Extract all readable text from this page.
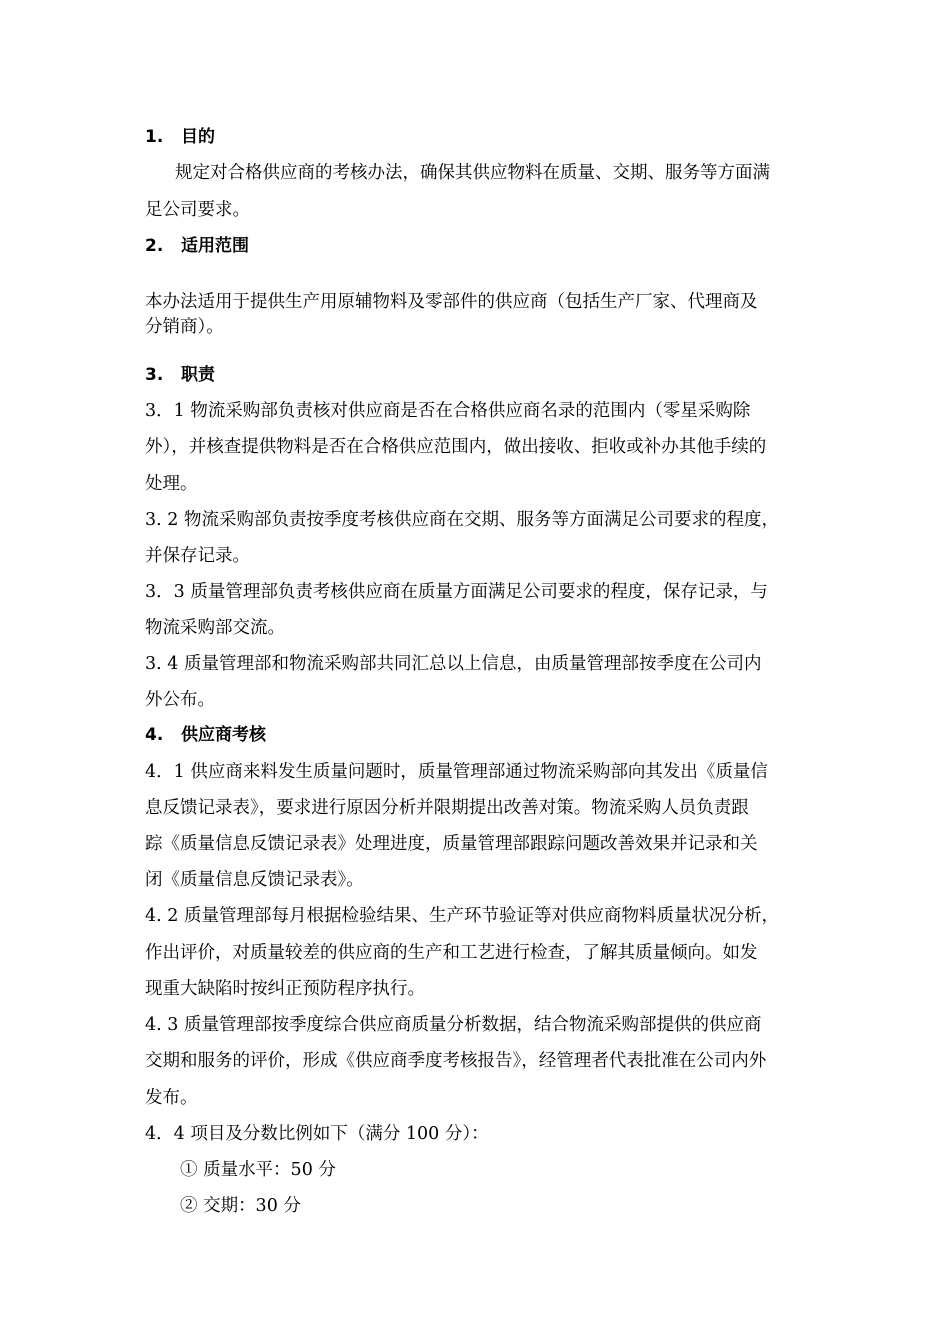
1. 目的
规定对合格供应商的考核办法，确保其供应物料在质量、交期、服务等方面满
足公司要求。
2. 适用范围
本办法适用于提供生产用原辅物料及零部件的供应商（包括生产厂家、代理商及
分销商）。
3. 职责
3．1 物流采购部负责核对供应商是否在合格供应商名录的范围内（零星采购除
外），并核查提供物料是否在合格供应范围内，做出接收、拒收或补办其他手续的
处理。
3. 2 物流采购部负责按季度考核供应商在交期、服务等方面满足公司要求的程度，
并保存记录。
3．3 质量管理部负责考核供应商在质量方面满足公司要求的程度，保存记录，与
物流采购部交流。
3. 4 质量管理部和物流采购部共同汇总以上信息，由质量管理部按季度在公司内
外公布。
4. 供应商考核
4．1 供应商来料发生质量问题时，质量管理部通过物流采购部向其发出《质量信
息反馈记录表》，要求进行原因分析并限期提出改善对策。物流采购人员负责跟
踪《质量信息反馈记录表》处理进度，质量管理部跟踪问题改善效果并记录和关
闭《质量信息反馈记录表》。
4. 2 质量管理部每月根据检验结果、生产环节验证等对供应商物料质量状况分析，
作出评价，对质量较差的供应商的生产和工艺进行检查，了解其质量倾向。如发
现重大缺陷时按纠正预防程序执行。
4. 3 质量管理部按季度综合供应商质量分析数据，结合物流采购部提供的供应商
交期和服务的评价，形成《供应商季度考核报告》，经管理者代表批准在公司内外
发布。
4．4 项目及分数比例如下（满分 100 分）：
① 质量水平：50 分
② 交期：30 分
